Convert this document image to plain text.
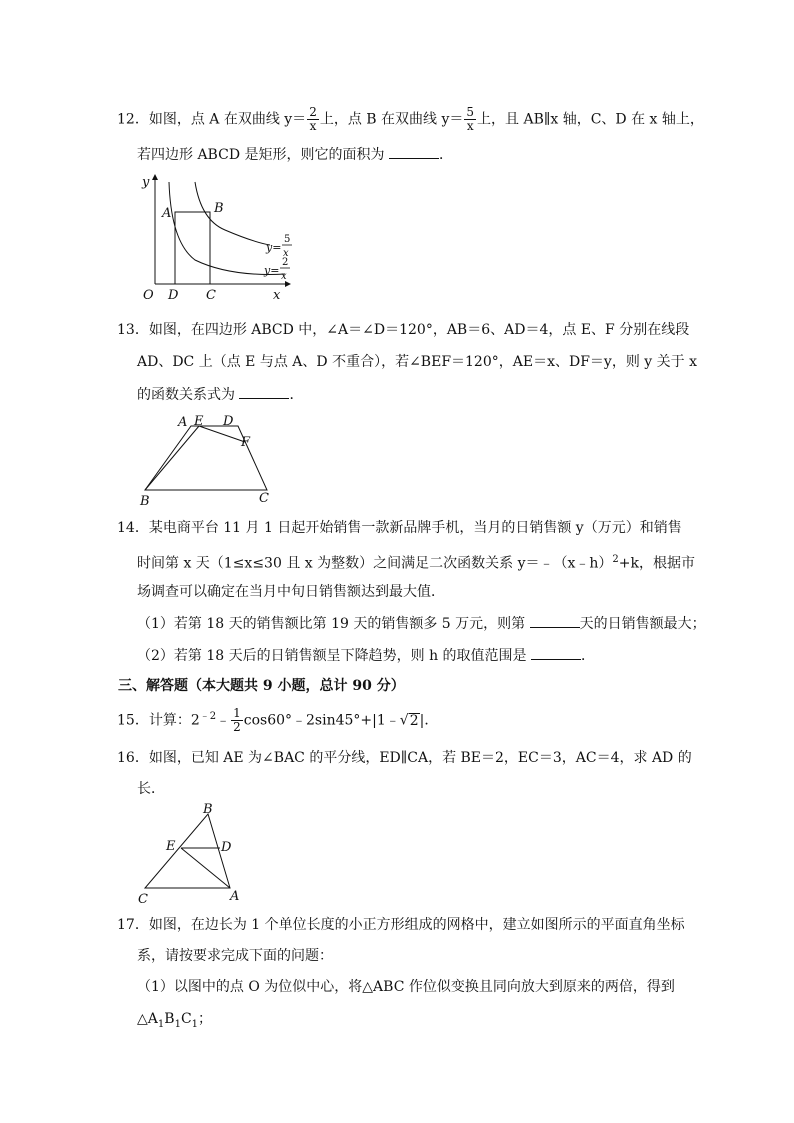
12．如图，点 A 在双曲线 $y= \frac{2}{x}$ 上，点 B 在双曲线 $y= \frac{5}{x}$ 上，且 AB∥x 轴，C、D 在 x 轴上，
若四边形 ABCD 是矩形，则它的面积为	．
y
A	B
O D C	x
y=
5
x
y=
2
x
13．如图，在四边形 ABCD 中，∠A＝∠D＝120°，AB＝6、AD＝4，点 E、F 分别在线段
AD、DC 上（点 E 与点 A、D 不重合），若∠BEF＝120°，AE＝x、DF＝y，则 y 关于 x
的函数关系式为	．
A E D
F
B	C
14．某电商平台 11 月 1 日起开始销售一款新品牌手机，当月的日销售额 y（万元）和销售
时间第 x 天（1≤x≤30 且 x 为整数）之间满足二次函数关系 y＝﹣（x﹣h）$^2$+k，根据市
场调查可以确定在当月中旬日销售额达到最大值．
（1）若第 18 天的销售额比第 19 天的销售额多 5 万元，则第	天的日销售额最大；
（2）若第 18 天后的日销售额呈下降趋势，则 h 的取值范围是	．
三、解答题（本大题共 9 小题，总计 90 分）
15．计算：$2^{﹣2}﹣ \frac{1}{2}$ cos60°﹣2sin45°+|1﹣√2|．
16．如图，已知 AE 为∠BAC 的平分线，ED∥CA，若 BE＝2，EC＝3，AC＝4，求 AD 的
长．
B
E	D
C	A
17．如图，在边长为 1 个单位长度的小正方形组成的网格中，建立如图所示的平面直角坐标
系，请按要求完成下面的问题：
（1）以图中的点 O 为位似中心，将△ABC 作位似变换且同向放大到原来的两倍，得到
$\triangle A_1B_1C_1$；
